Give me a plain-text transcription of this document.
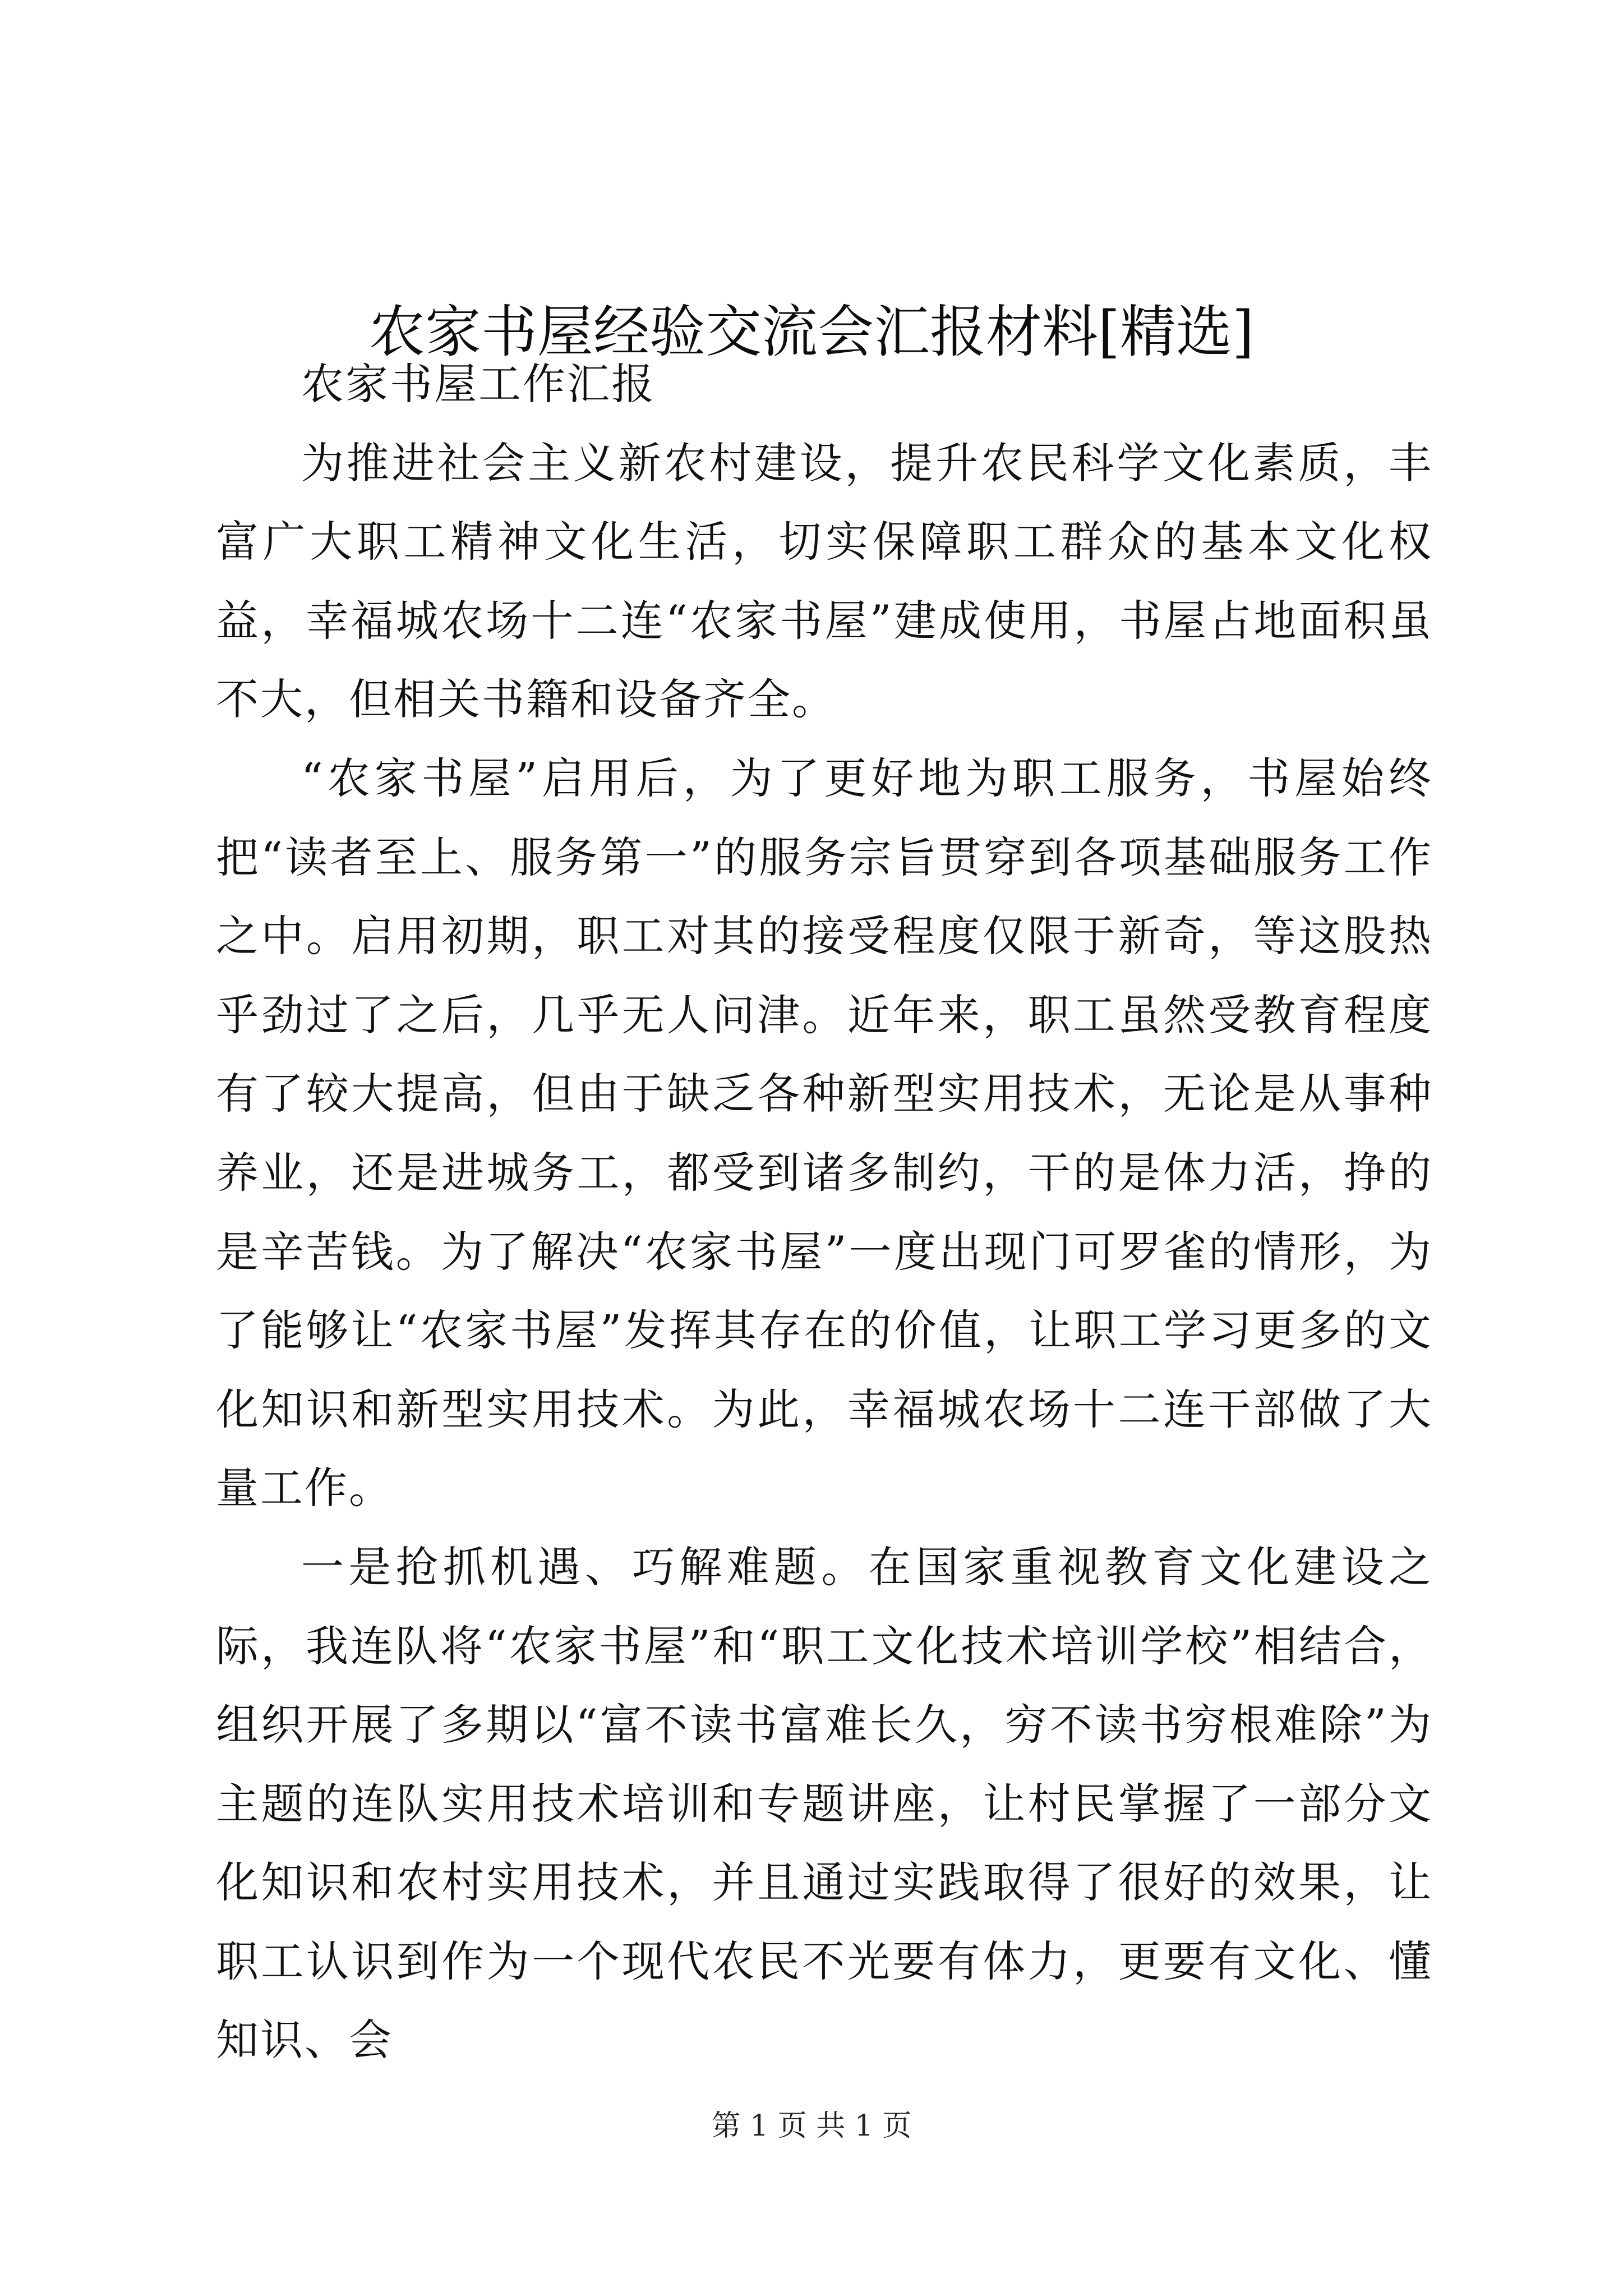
农家书屋经验交流会汇报材料[精选]

农家书屋工作汇报

为推进社会主义新农村建设，提升农民科学文化素质，丰富广大职工精神文化生活，切实保障职工群众的基本文化权益，幸福城农场十二连“农家书屋”建成使用，书屋占地面积虽不大，但相关书籍和设备齐全。

“农家书屋”启用后，为了更好地为职工服务，书屋始终把“读者至上、服务第一”的服务宗旨贯穿到各项基础服务工作之中。启用初期，职工对其的接受程度仅限于新奇，等这股热乎劲过了之后，几乎无人问津。近年来，职工虽然受教育程度有了较大提高，但由于缺乏各种新型实用技术，无论是从事种养业，还是进城务工，都受到诸多制约，干的是体力活，挣的是辛苦钱。为了解决“农家书屋”一度出现门可罗雀的情形，为了能够让“农家书屋”发挥其存在的价值，让职工学习更多的文化知识和新型实用技术。为此，幸福城农场十二连干部做了大量工作。

一是抢抓机遇、巧解难题。在国家重视教育文化建设之际，我连队将“农家书屋”和“职工文化技术培训学校”相结合，组织开展了多期以“富不读书富难长久，穷不读书穷根难除”为主题的连队实用技术培训和专题讲座，让村民掌握了一部分文化知识和农村实用技术，并且通过实践取得了很好的效果，让职工认识到作为一个现代农民不光要有体力，更要有文化、懂知识、会

第 1 页 共 1 页
